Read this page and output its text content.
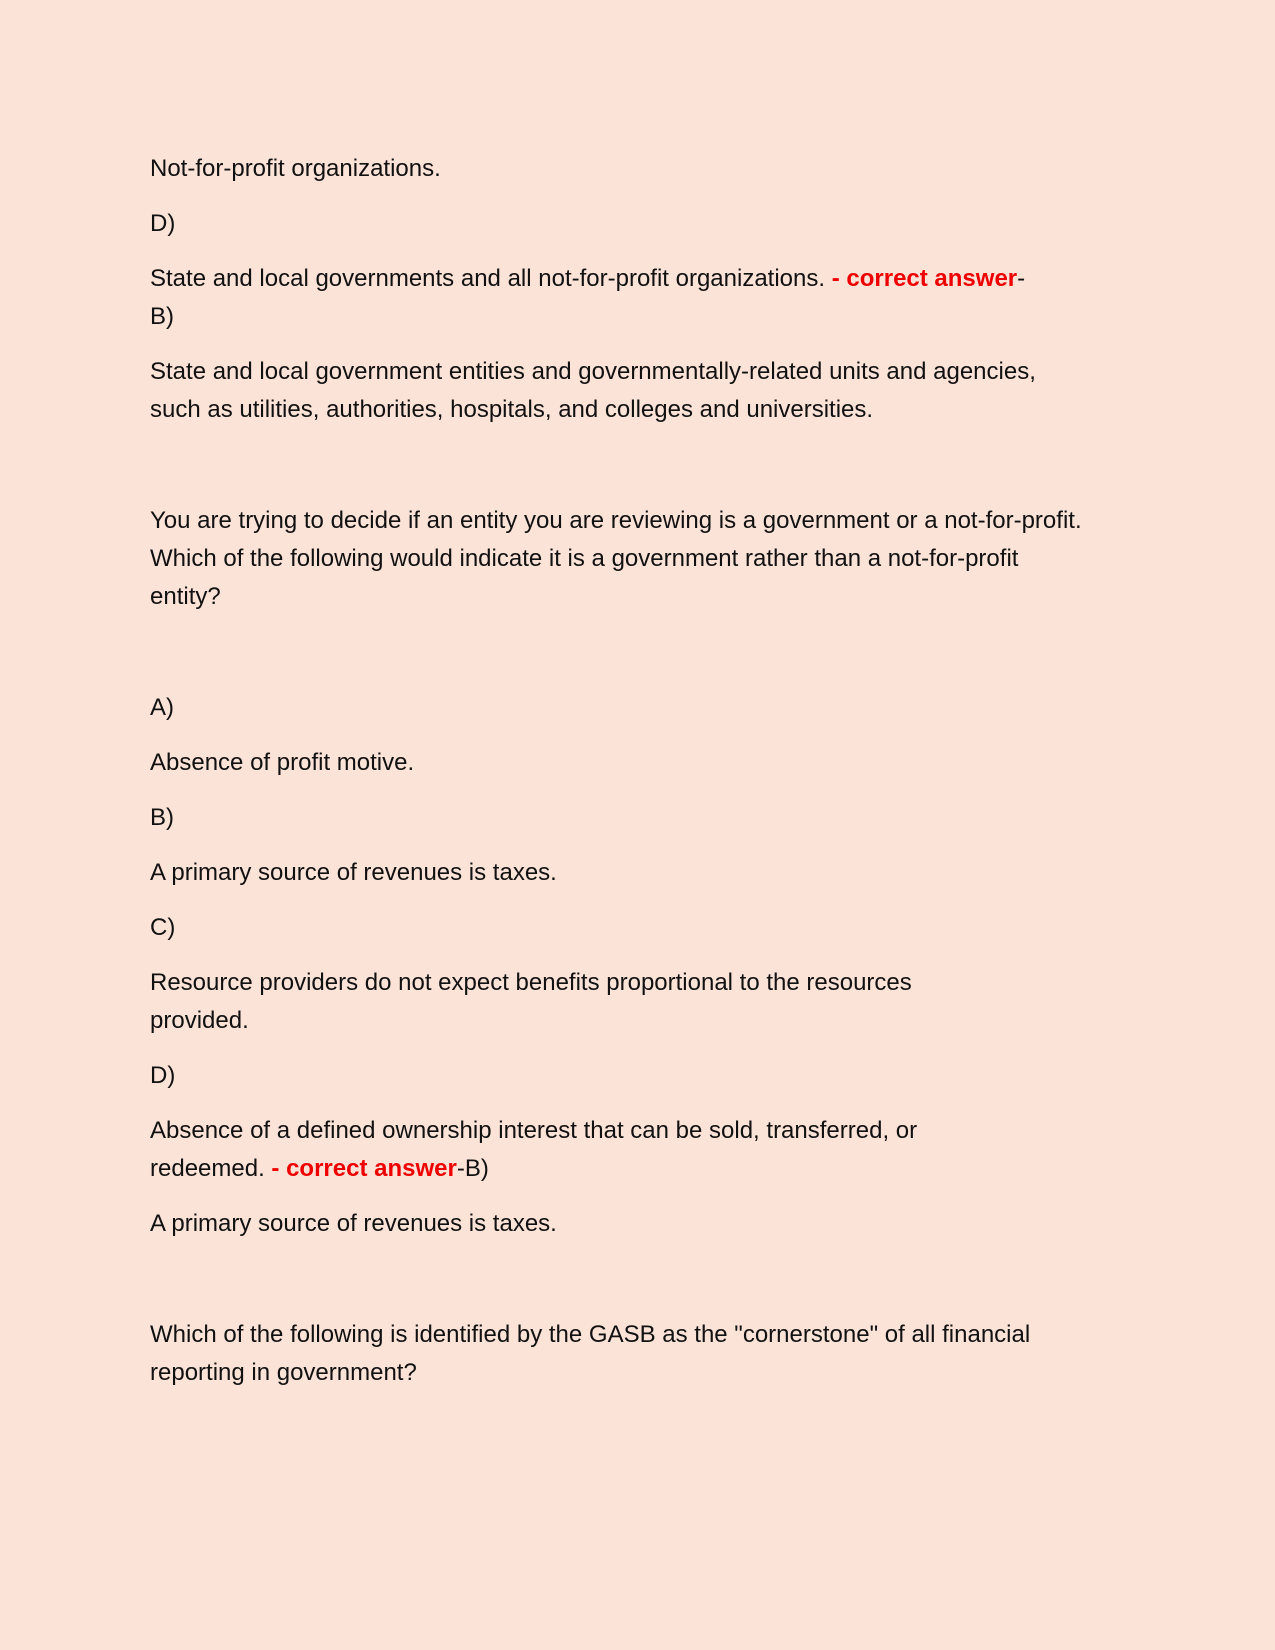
Not-for-profit organizations.

D)

State and local governments and all not-for-profit organizations. - correct answer-

B)

State and local government entities and governmentally-related units and agencies, such as utilities, authorities, hospitals, and colleges and universities.

You are trying to decide if an entity you are reviewing is a government or a not-for-profit. Which of the following would indicate it is a government rather than a not-for-profit entity?

A)

Absence of profit motive.

B)

A primary source of revenues is taxes.

C)

Resource providers do not expect benefits proportional to the resources provided.

D)

Absence of a defined ownership interest that can be sold, transferred, or redeemed. - correct answer-B)

A primary source of revenues is taxes.

Which of the following is identified by the GASB as the "cornerstone" of all financial reporting in government?
